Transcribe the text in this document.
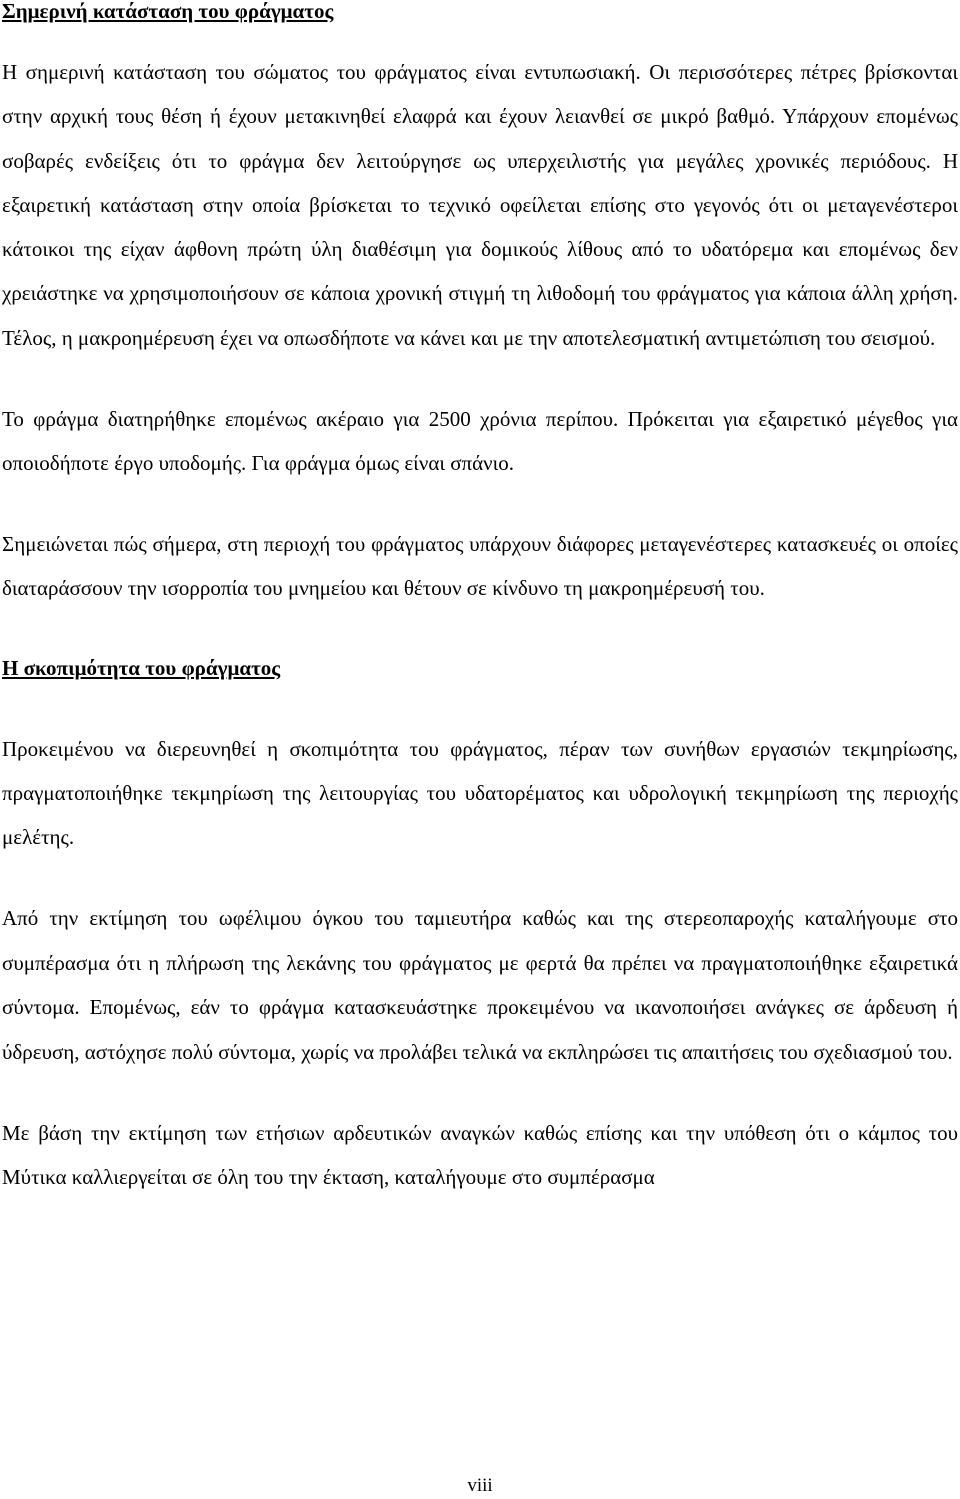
Σημερινή κατάσταση του φράγματος

Η σημερινή κατάσταση του σώματος του φράγματος είναι εντυπωσιακή. Οι περισσότερες πέτρες βρίσκονται στην αρχική τους θέση ή έχουν μετακινηθεί ελαφρά και έχουν λειανθεί σε μικρό βαθμό. Υπάρχουν επομένως σοβαρές ενδείξεις ότι το φράγμα δεν λειτούργησε ως υπερχειλιστής για μεγάλες χρονικές περιόδους. Η εξαιρετική κατάσταση στην οποία βρίσκεται το τεχνικό οφείλεται επίσης στο γεγονός ότι οι μεταγενέστεροι κάτοικοι της είχαν άφθονη πρώτη ύλη διαθέσιμη για δομικούς λίθους από το υδατόρεμα και επομένως δεν χρειάστηκε να χρησιμοποιήσουν σε κάποια χρονική στιγμή τη λιθοδομή του φράγματος για κάποια άλλη χρήση. Τέλος, η μακροημέρευση έχει να οπωσδήποτε να κάνει και με την αποτελεσματική αντιμετώπιση του σεισμού.

Το φράγμα διατηρήθηκε επομένως ακέραιο για 2500 χρόνια περίπου. Πρόκειται για εξαιρετικό μέγεθος για οποιοδήποτε έργο υποδομής. Για φράγμα όμως είναι σπάνιο.

Σημειώνεται πώς σήμερα, στη περιοχή του φράγματος υπάρχουν διάφορες μεταγενέστερες κατασκευές οι οποίες διαταράσσουν την ισορροπία του μνημείου και θέτουν σε κίνδυνο τη μακροημέρευσή του.

Η σκοπιμότητα του φράγματος

Προκειμένου να διερευνηθεί η σκοπιμότητα του φράγματος, πέραν των συνήθων εργασιών τεκμηρίωσης, πραγματοποιήθηκε τεκμηρίωση της λειτουργίας του υδατορέματος και υδρολογική τεκμηρίωση της περιοχής μελέτης.

Από την εκτίμηση του ωφέλιμου όγκου του ταμιευτήρα καθώς και της στερεοπαροχής καταλήγουμε στο συμπέρασμα ότι η πλήρωση της λεκάνης του φράγματος με φερτά θα πρέπει να πραγματοποιήθηκε εξαιρετικά σύντομα. Επομένως, εάν το φράγμα κατασκευάστηκε προκειμένου να ικανοποιήσει ανάγκες σε άρδευση ή ύδρευση, αστόχησε πολύ σύντομα, χωρίς να προλάβει τελικά να εκπληρώσει τις απαιτήσεις του σχεδιασμού του.

Με βάση την εκτίμηση των ετήσιων αρδευτικών αναγκών καθώς επίσης και την υπόθεση ότι ο κάμπος του Μύτικα καλλιεργείται σε όλη του την έκταση, καταλήγουμε στο συμπέρασμα

viii
